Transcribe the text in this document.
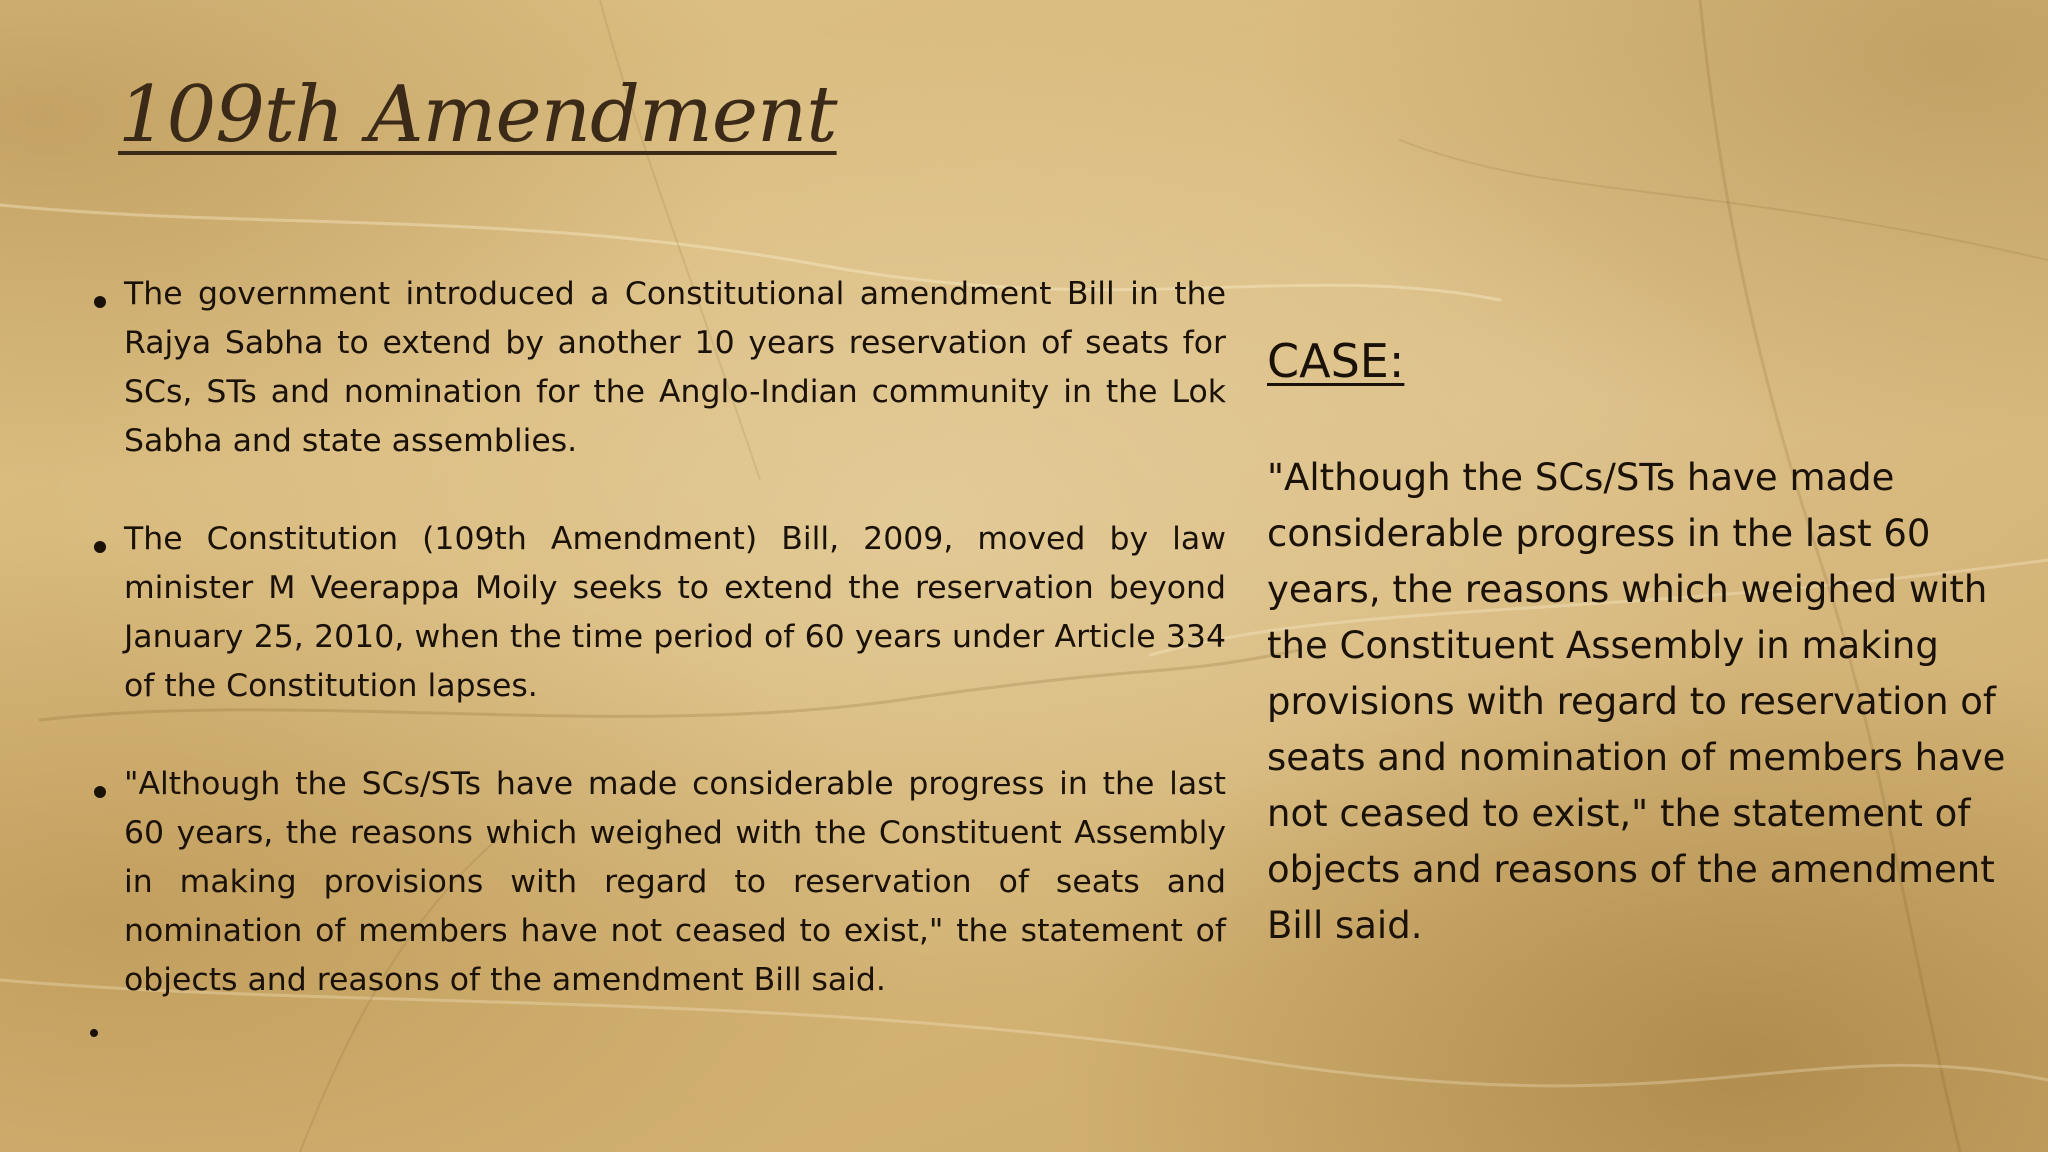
109th Amendment
The government introduced a Constitutional amendment Bill in the Rajya Sabha to extend by another 10 years reservation of seats for SCs, STs and nomination for the Anglo-Indian community in the Lok Sabha and state assemblies.
The Constitution (109th Amendment) Bill, 2009, moved by law minister M Veerappa Moily seeks to extend the reservation beyond January 25, 2010, when the time period of 60 years under Article 334 of the Constitution lapses.
"Although the SCs/STs have made considerable progress in the last 60 years, the reasons which weighed with the Constituent Assembly in making provisions with regard to reservation of seats and nomination of members have not ceased to exist," the statement of objects and reasons of the amendment Bill said.
CASE:

"Although the SCs/STs have made considerable progress in the last 60 years, the reasons which weighed with the Constituent Assembly in making provisions with regard to reservation of seats and nomination of members have not ceased to exist," the statement of objects and reasons of the amendment Bill said.
